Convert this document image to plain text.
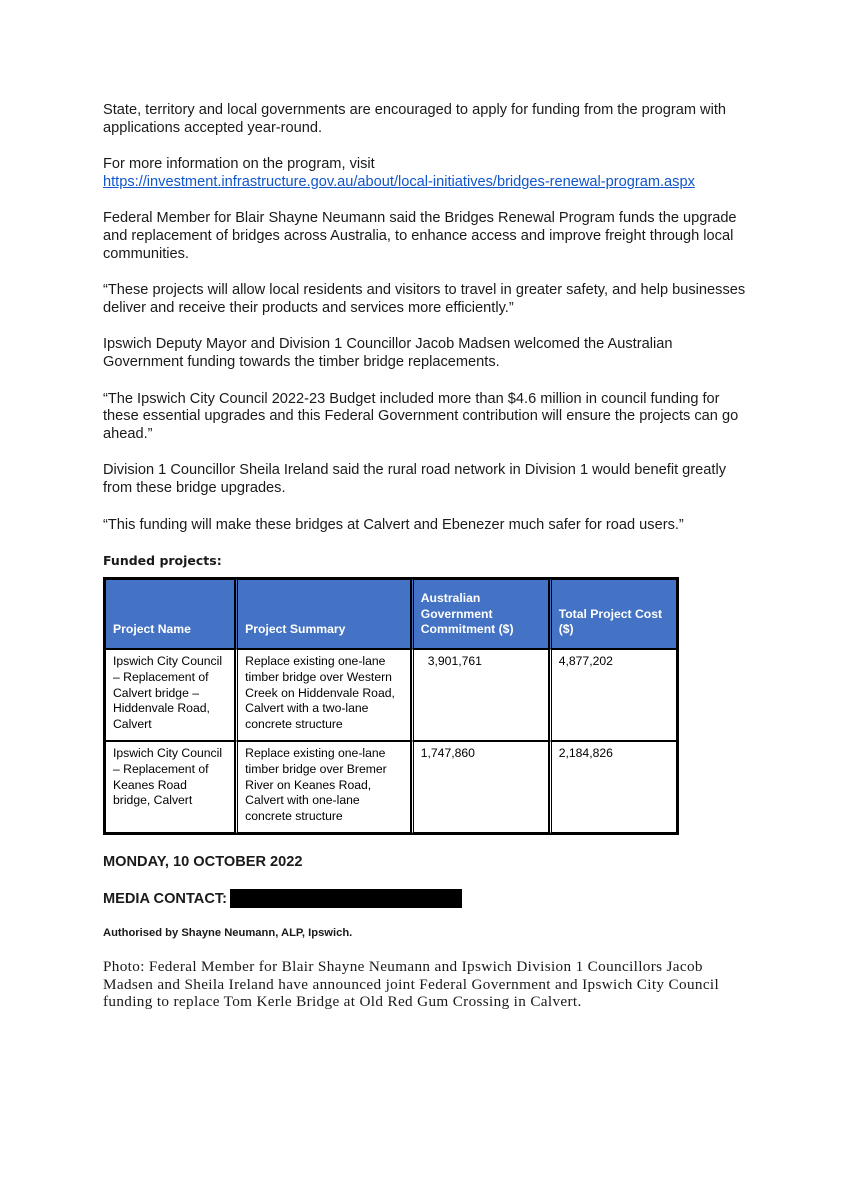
State, territory and local governments are encouraged to apply for funding from the program with applications accepted year-round.

For more information on the program, visit
https://investment.infrastructure.gov.au/about/local-initiatives/bridges-renewal-program.aspx

Federal Member for Blair Shayne Neumann said the Bridges Renewal Program funds the upgrade and replacement of bridges across Australia, to enhance access and improve freight through local communities.

“These projects will allow local residents and visitors to travel in greater safety, and help businesses deliver and receive their products and services more efficiently.”

Ipswich Deputy Mayor and Division 1 Councillor Jacob Madsen welcomed the Australian Government funding towards the timber bridge replacements.

“The Ipswich City Council 2022-23 Budget included more than $4.6 million in council funding for these essential upgrades and this Federal Government contribution will ensure the projects can go ahead.”

Division 1 Councillor Sheila Ireland said the rural road network in Division 1 would benefit greatly from these bridge upgrades.

“This funding will make these bridges at Calvert and Ebenezer much safer for road users.”

Funded projects:
Project Name	Project Summary	Australian Government Commitment ($)	Total Project Cost ($)
Ipswich City Council – Replacement of Calvert bridge – Hiddenvale Road, Calvert	Replace existing one-lane timber bridge over Western Creek on Hiddenvale Road, Calvert with a two-lane concrete structure	3,901,761	4,877,202
Ipswich City Council – Replacement of Keanes Road bridge, Calvert	Replace existing one-lane timber bridge over Bremer River on Keanes Road, Calvert with one-lane concrete structure	1,747,860	2,184,826
MONDAY, 10 OCTOBER 2022
MEDIA CONTACT:
Authorised by Shayne Neumann, ALP, Ipswich.

Photo: Federal Member for Blair Shayne Neumann and Ipswich Division 1 Councillors Jacob Madsen and Sheila Ireland have announced joint Federal Government and Ipswich City Council funding to replace Tom Kerle Bridge at Old Red Gum Crossing in Calvert.
